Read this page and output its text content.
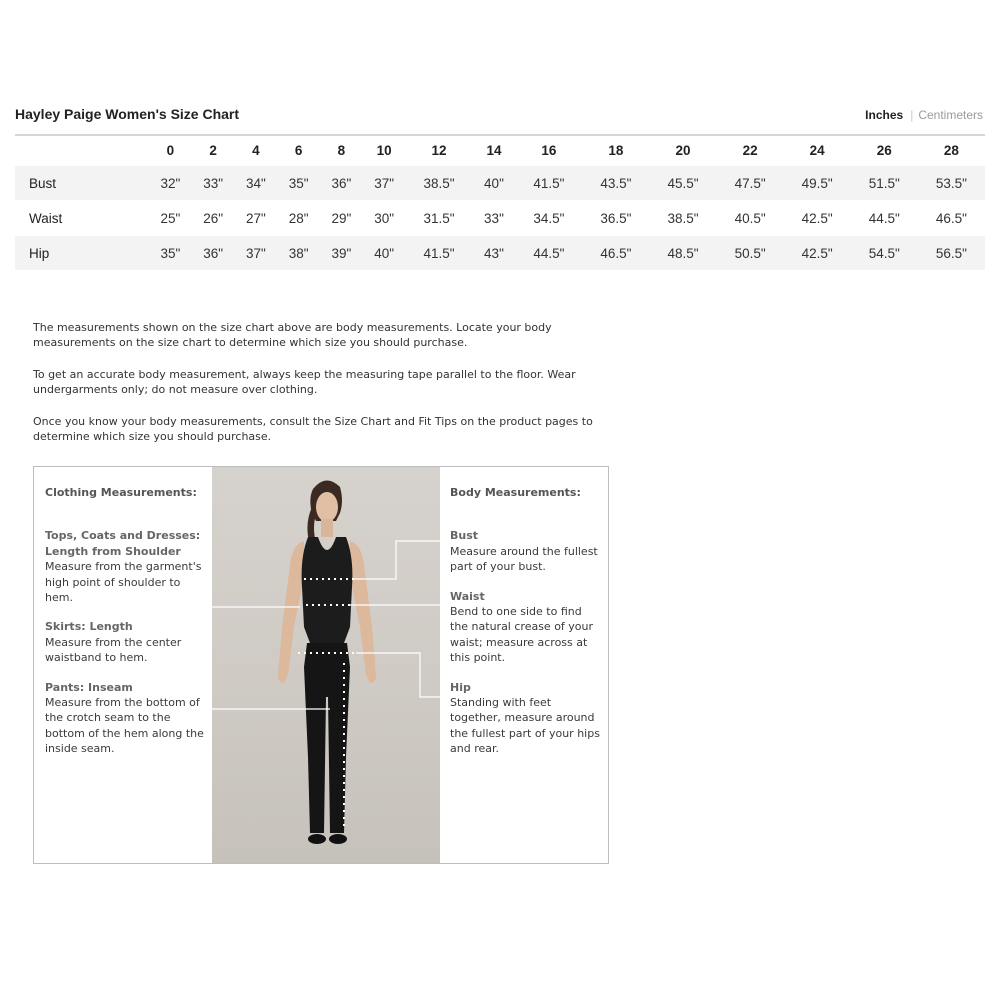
Hayley Paige Women's Size Chart	Inches | Centimeters
	0	2	4	6	8	10	12	14	16	18	20	22	24	26	28
Bust	32"	33"	34"	35"	36"	37"	38.5"	40"	41.5"	43.5"	45.5"	47.5"	49.5"	51.5"	53.5"
Waist	25"	26"	27"	28"	29"	30"	31.5"	33"	34.5"	36.5"	38.5"	40.5"	42.5"	44.5"	46.5"
Hip	35"	36"	37"	38"	39"	40"	41.5"	43"	44.5"	46.5"	48.5"	50.5"	42.5"	54.5"	56.5"

The measurements shown on the size chart above are body measurements. Locate your body measurements on the size chart to determine which size you should purchase.

To get an accurate body measurement, always keep the measuring tape parallel to the floor. Wear undergarments only; do not measure over clothing.

Once you know your body measurements, consult the Size Chart and Fit Tips on the product pages to determine which size you should purchase.

Clothing Measurements:
Tops, Coats and Dresses: Length from Shoulder
Measure from the garment's high point of shoulder to hem.
Skirts: Length
Measure from the center waistband to hem.
Pants: Inseam
Measure from the bottom of the crotch seam to the bottom of the hem along the inside seam.
Body Measurements:
Bust
Measure around the fullest part of your bust.
Waist
Bend to one side to find the natural crease of your waist; measure across at this point.
Hip
Standing with feet together, measure around the fullest part of your hips and rear.
